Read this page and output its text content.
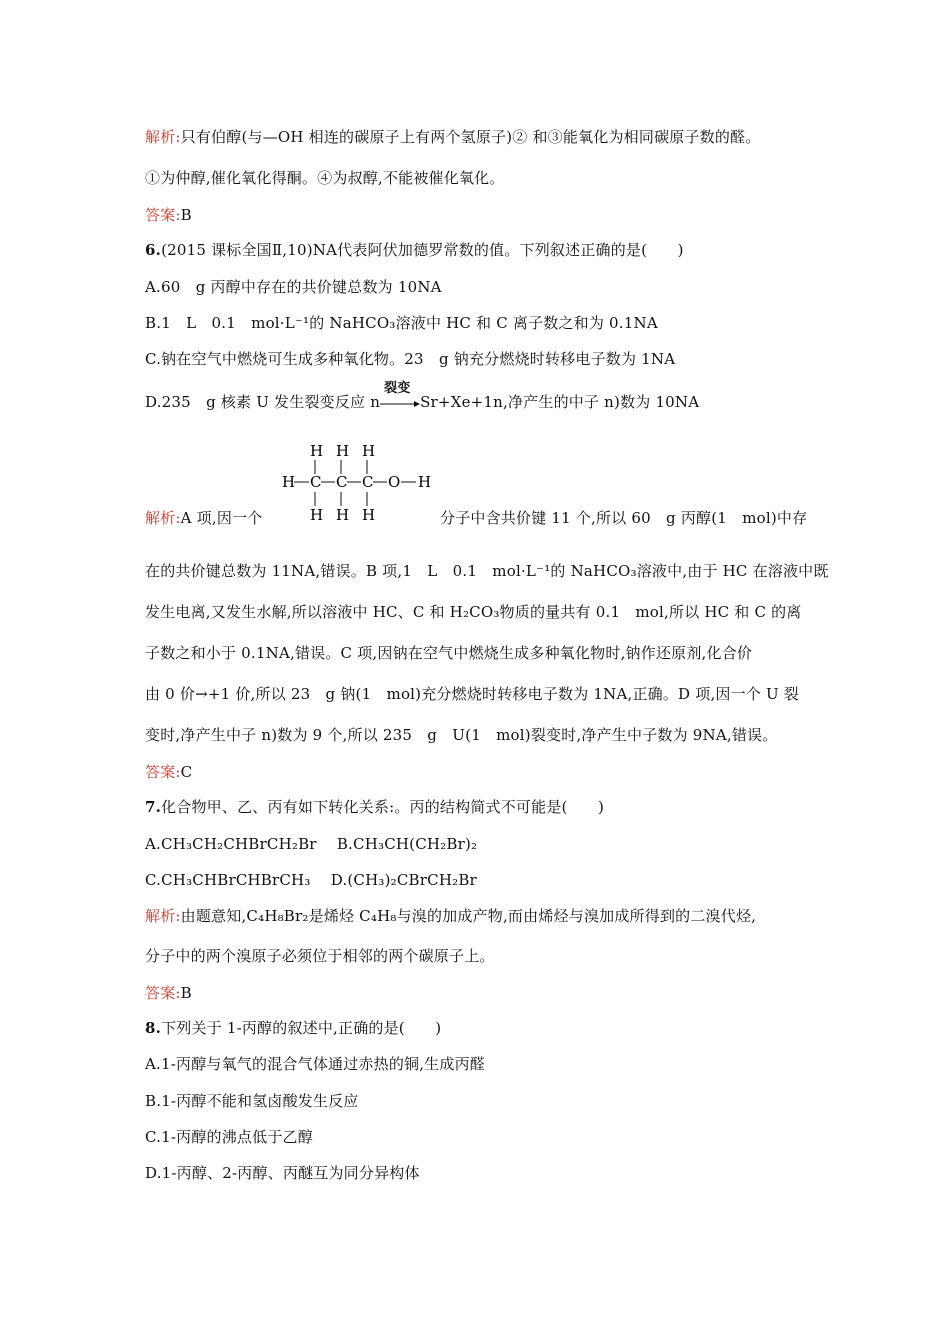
解析:只有伯醇(与—OH 相连的碳原子上有两个氢原子)② 和③能氧化为相同碳原子数的醛。
①为仲醇,催化氧化得酮。④为叔醇,不能被催化氧化。
答案:B
6.(2015 课标全国Ⅱ,10)NA代表阿伏加德罗常数的值。下列叙述正确的是(　　)
A.60　g 丙醇中存在的共价键总数为 10NA
B.1　L　0.1　mol·L⁻¹的 NaHCO₃溶液中 HC 和 C 离子数之和为 0.1NA
C.钠在空气中燃烧可生成多种氧化物。23　g 钠充分燃烧时转移电子数为 1NA
D.235　g 核素 U 发生裂变反应 n
裂变
Sr+Xe+1n,净产生的中子 n)数为 10NA
H H H
H C C C O H
H H H
解析:A 项,因一个	分子中含共价键 11 个,所以 60　g 丙醇(1　mol)中存
在的共价键总数为 11NA,错误。B 项,1　L　0.1　mol·L⁻¹的 NaHCO₃溶液中,由于 HC 在溶液中既
发生电离,又发生水解,所以溶液中 HC、C 和 H₂CO₃物质的量共有 0.1　mol,所以 HC 和 C 的离
子数之和小于 0.1NA,错误。C 项,因钠在空气中燃烧生成多种氧化物时,钠作还原剂,化合价
由 0 价→+1 价,所以 23　g 钠(1　mol)充分燃烧时转移电子数为 1NA,正确。D 项,因一个 U 裂
变时,净产生中子 n)数为 9 个,所以 235　g　U(1　mol)裂变时,净产生中子数为 9NA,错误。
答案:C
7.化合物甲、乙、丙有如下转化关系:。丙的结构简式不可能是(　　)
A.CH₃CH₂CHBrCH₂Br　 B.CH₃CH(CH₂Br)₂
C.CH₃CHBrCHBrCH₃　 D.(CH₃)₂CBrCH₂Br
解析:由题意知,C₄H₈Br₂是烯烃 C₄H₈与溴的加成产物,而由烯烃与溴加成所得到的二溴代烃,
分子中的两个溴原子必须位于相邻的两个碳原子上。
答案:B
8.下列关于 1-丙醇的叙述中,正确的是(　　)
A.1-丙醇与氧气的混合气体通过赤热的铜,生成丙醛
B.1-丙醇不能和氢卤酸发生反应
C.1-丙醇的沸点低于乙醇
D.1-丙醇、2-丙醇、丙醚互为同分异构体
